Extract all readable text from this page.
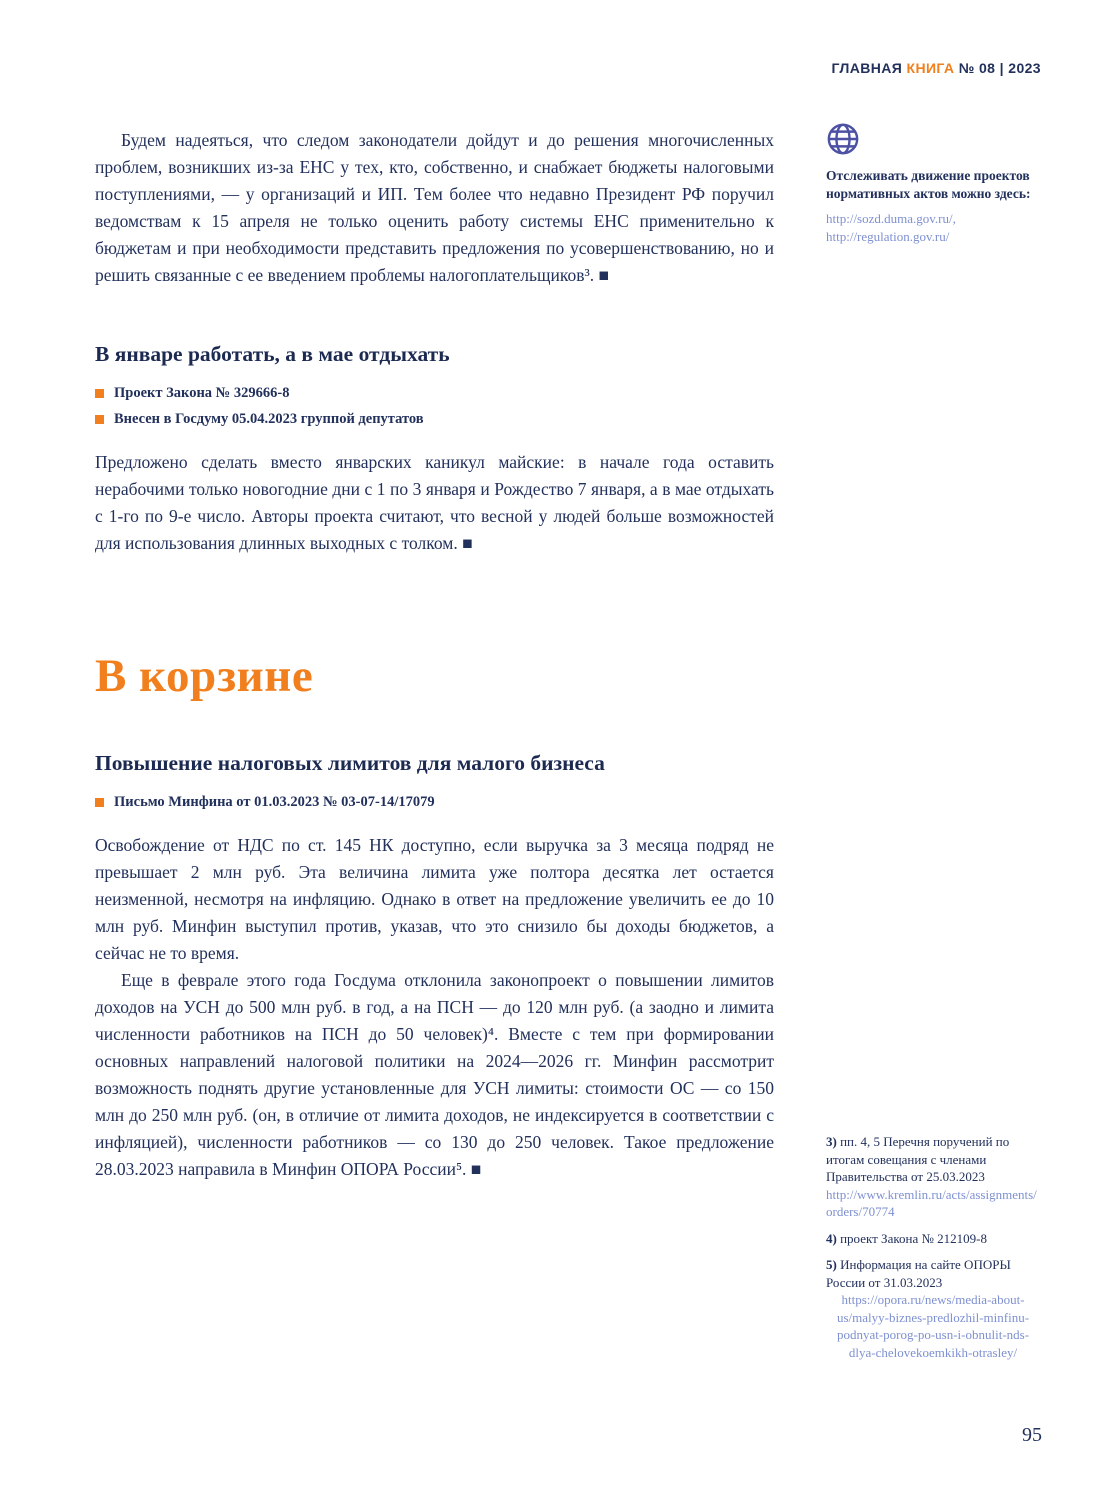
ГЛАВНАЯ КНИГА № 08 | 2023

Будем надеяться, что следом законодатели дойдут и до решения многочисленных проблем, возникших из-за ЕНС у тех, кто, собственно, и снабжает бюджеты налоговыми поступлениями, — у организаций и ИП. Тем более что недавно Президент РФ поручил ведомствам к 15 апреля не только оценить работу системы ЕНС применительно к бюджетам и при необходимости представить предложения по усовершенствованию, но и решить связанные с ее введением проблемы налогоплательщиков³. ■

В январе работать, а в мае отдыхать
Проект Закона № 329666-8
Внесен в Госдуму 05.04.2023 группой депутатов

Предложено сделать вместо январских каникул майские: в начале года оставить нерабочими только новогодние дни с 1 по 3 января и Рождество 7 января, а в мае отдыхать с 1-го по 9-е число. Авторы проекта считают, что весной у людей больше возможностей для использования длинных выходных с толком. ■

В корзине
Повышение налоговых лимитов для малого бизнеса
Письмо Минфина от 01.03.2023 № 03-07-14/17079

Освобождение от НДС по ст. 145 НК доступно, если выручка за 3 месяца подряд не превышает 2 млн руб. Эта величина лимита уже полтора десятка лет остается неизменной, несмотря на инфляцию. Однако в ответ на предложение увеличить ее до 10 млн руб. Минфин выступил против, указав, что это снизило бы доходы бюджетов, а сейчас не то время.

Еще в феврале этого года Госдума отклонила законопроект о повышении лимитов доходов на УСН до 500 млн руб. в год, а на ПСН — до 120 млн руб. (а заодно и лимита численности работников на ПСН до 50 человек)⁴. Вместе с тем при формировании основных направлений налоговой политики на 2024—2026 гг. Минфин рассмотрит возможность поднять другие установленные для УСН лимиты: стоимости ОС — со 150 млн до 250 млн руб. (он, в отличие от лимита доходов, не индексируется в соответствии с инфляцией), численности работников — со 130 до 250 человек. Такое предложение 28.03.2023 направила в Минфин ОПОРА России⁵. ■

Отслеживать движение проектов нормативных актов можно здесь:

http://sozd.duma.gov.ru/,
http://regulation.gov.ru/
3) пп. 4, 5 Перечня поручений по итогам совещания с членами Правительства от 25.03.2023
http://www.kremlin.ru/acts/assignments/orders/70774
4) проект Закона № 212109-8
5) Информация на сайте ОПОРЫ России от 31.03.2023
https://opora.ru/news/media-about-us/malyy-biznes-predlozhil-minfinu-podnyat-porog-po-usn-i-obnulit-nds-dlya-chelovekoemkikh-otrasley/
95
